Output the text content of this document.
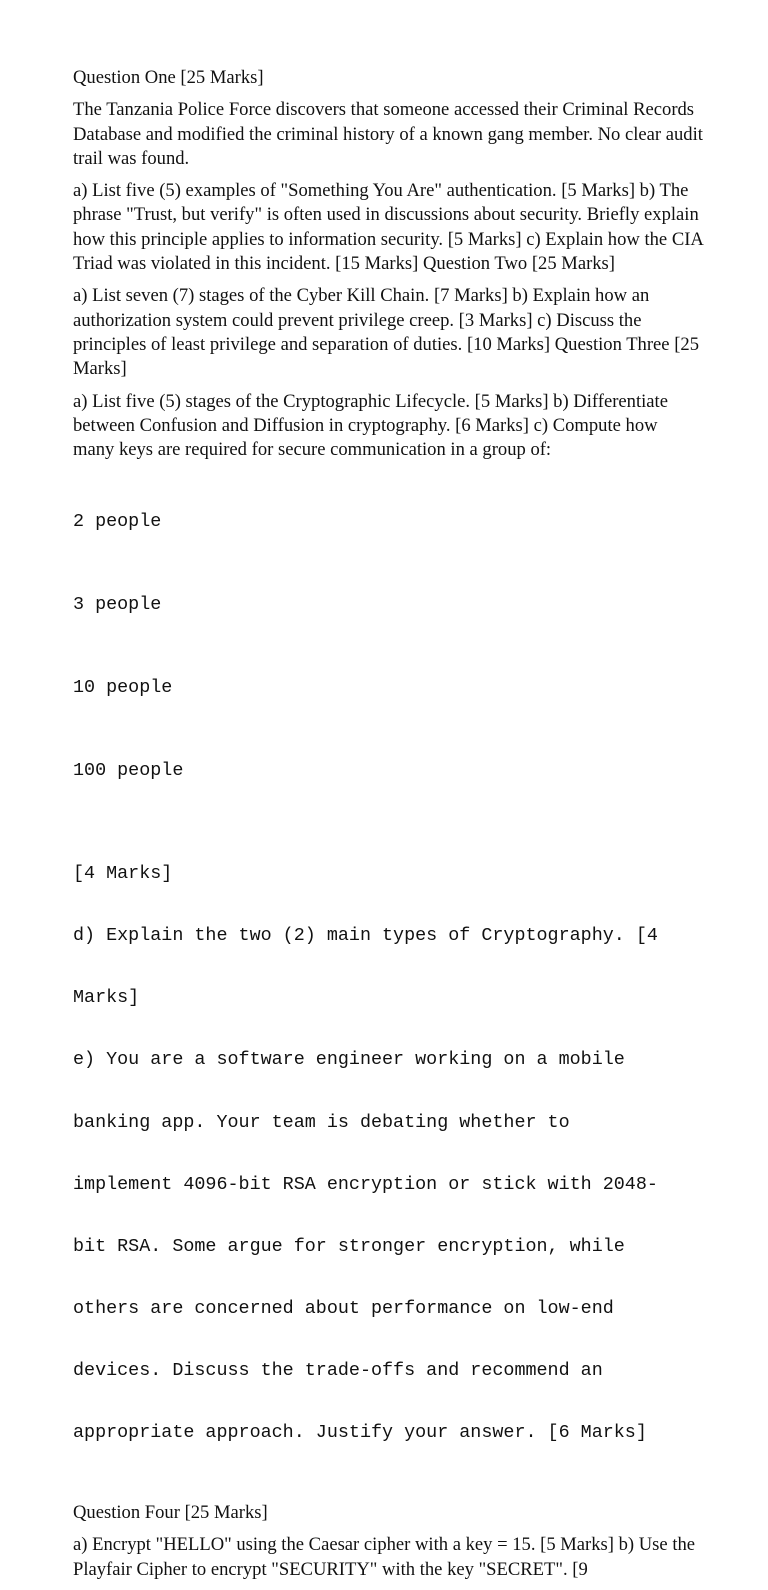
Question One [25 Marks]

The Tanzania Police Force discovers that someone accessed their Criminal Records Database and modified the criminal history of a known gang member. No clear audit trail was found.

a) List five (5) examples of "Something You Are" authentication. [5 Marks] b) The phrase "Trust, but verify" is often used in discussions about security. Briefly explain how this principle applies to information security. [5 Marks] c) Explain how the CIA Triad was violated in this incident. [15 Marks] Question Two [25 Marks]

a) List seven (7) stages of the Cyber Kill Chain. [7 Marks] b) Explain how an authorization system could prevent privilege creep. [3 Marks] c) Discuss the principles of least privilege and separation of duties. [10 Marks] Question Three [25 Marks]

a) List five (5) stages of the Cryptographic Lifecycle. [5 Marks] b) Differentiate between Confusion and Diffusion in cryptography. [6 Marks] c) Compute how many keys are required for secure communication in a group of:

2 people

3 people

10 people

100 people

[4 Marks]

d) Explain the two (2) main types of Cryptography. [4

Marks]

e) You are a software engineer working on a mobile

banking app. Your team is debating whether to

implement 4096-bit RSA encryption or stick with 2048-

bit RSA. Some argue for stronger encryption, while

others are concerned about performance on low-end

devices. Discuss the trade-offs and recommend an

appropriate approach. Justify your answer. [6 Marks]

Question Four [25 Marks]

a) Encrypt "HELLO" using the Caesar cipher with a key = 15. [5 Marks] b) Use the Playfair Cipher to encrypt "SECURITY" with the key "SECRET". [9
